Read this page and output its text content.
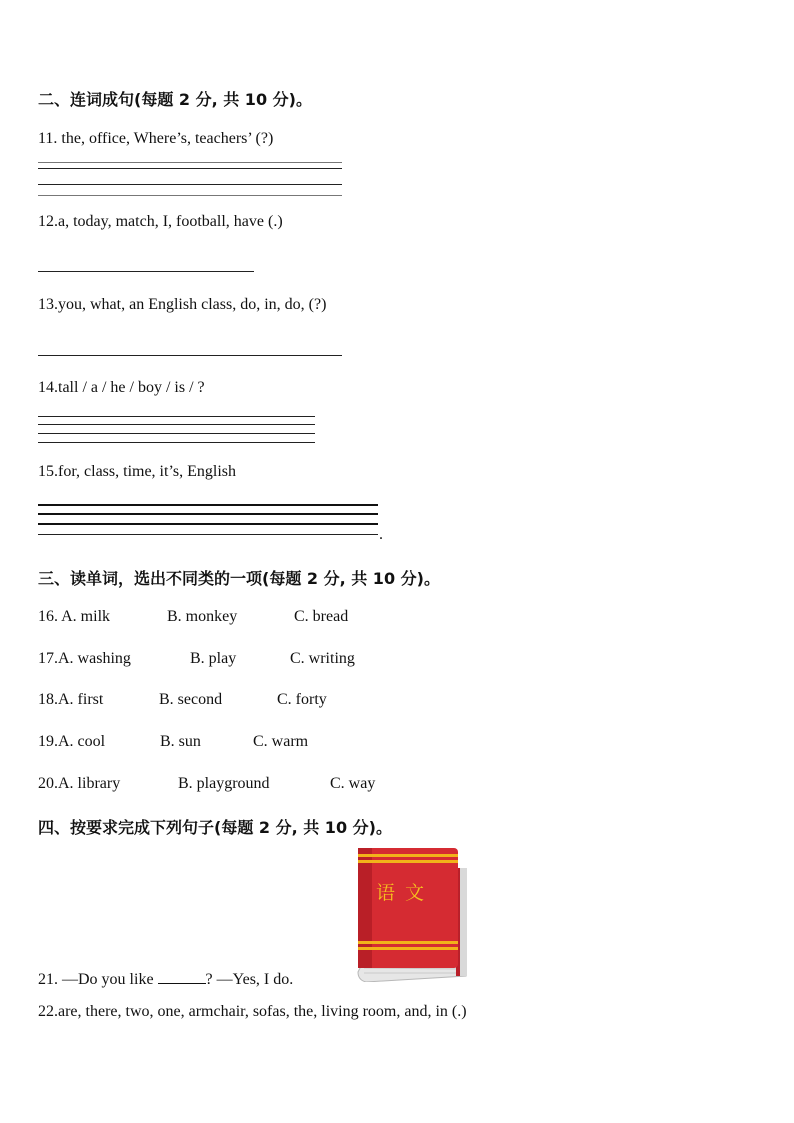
二、连词成句(每题 2 分, 共 10 分)。
11. the, office, Where’s, teachers’ (?)
12.a, today, match, I, football, have (.)
13.you, what, an English class, do, in, do, (?)
14.tall / a / he / boy / is / ?
15.for, class, time, it’s, English
.
三、读单词，选出不同类的一项(每题 2 分, 共 10 分)。
16. A. milk	B. monkey	C. bread
17.A. washing	B. play	C. writing
18.A. first	B. second	C. forty
19.A. cool	B. sun	C. warm
20.A. library	B. playground	C. way
四、按要求完成下列句子(每题 2 分, 共 10 分)。
21. —Do you like	? —Yes, I do.
语 文
22.are, there, two, one, armchair, sofas, the, living room, and, in (.)
